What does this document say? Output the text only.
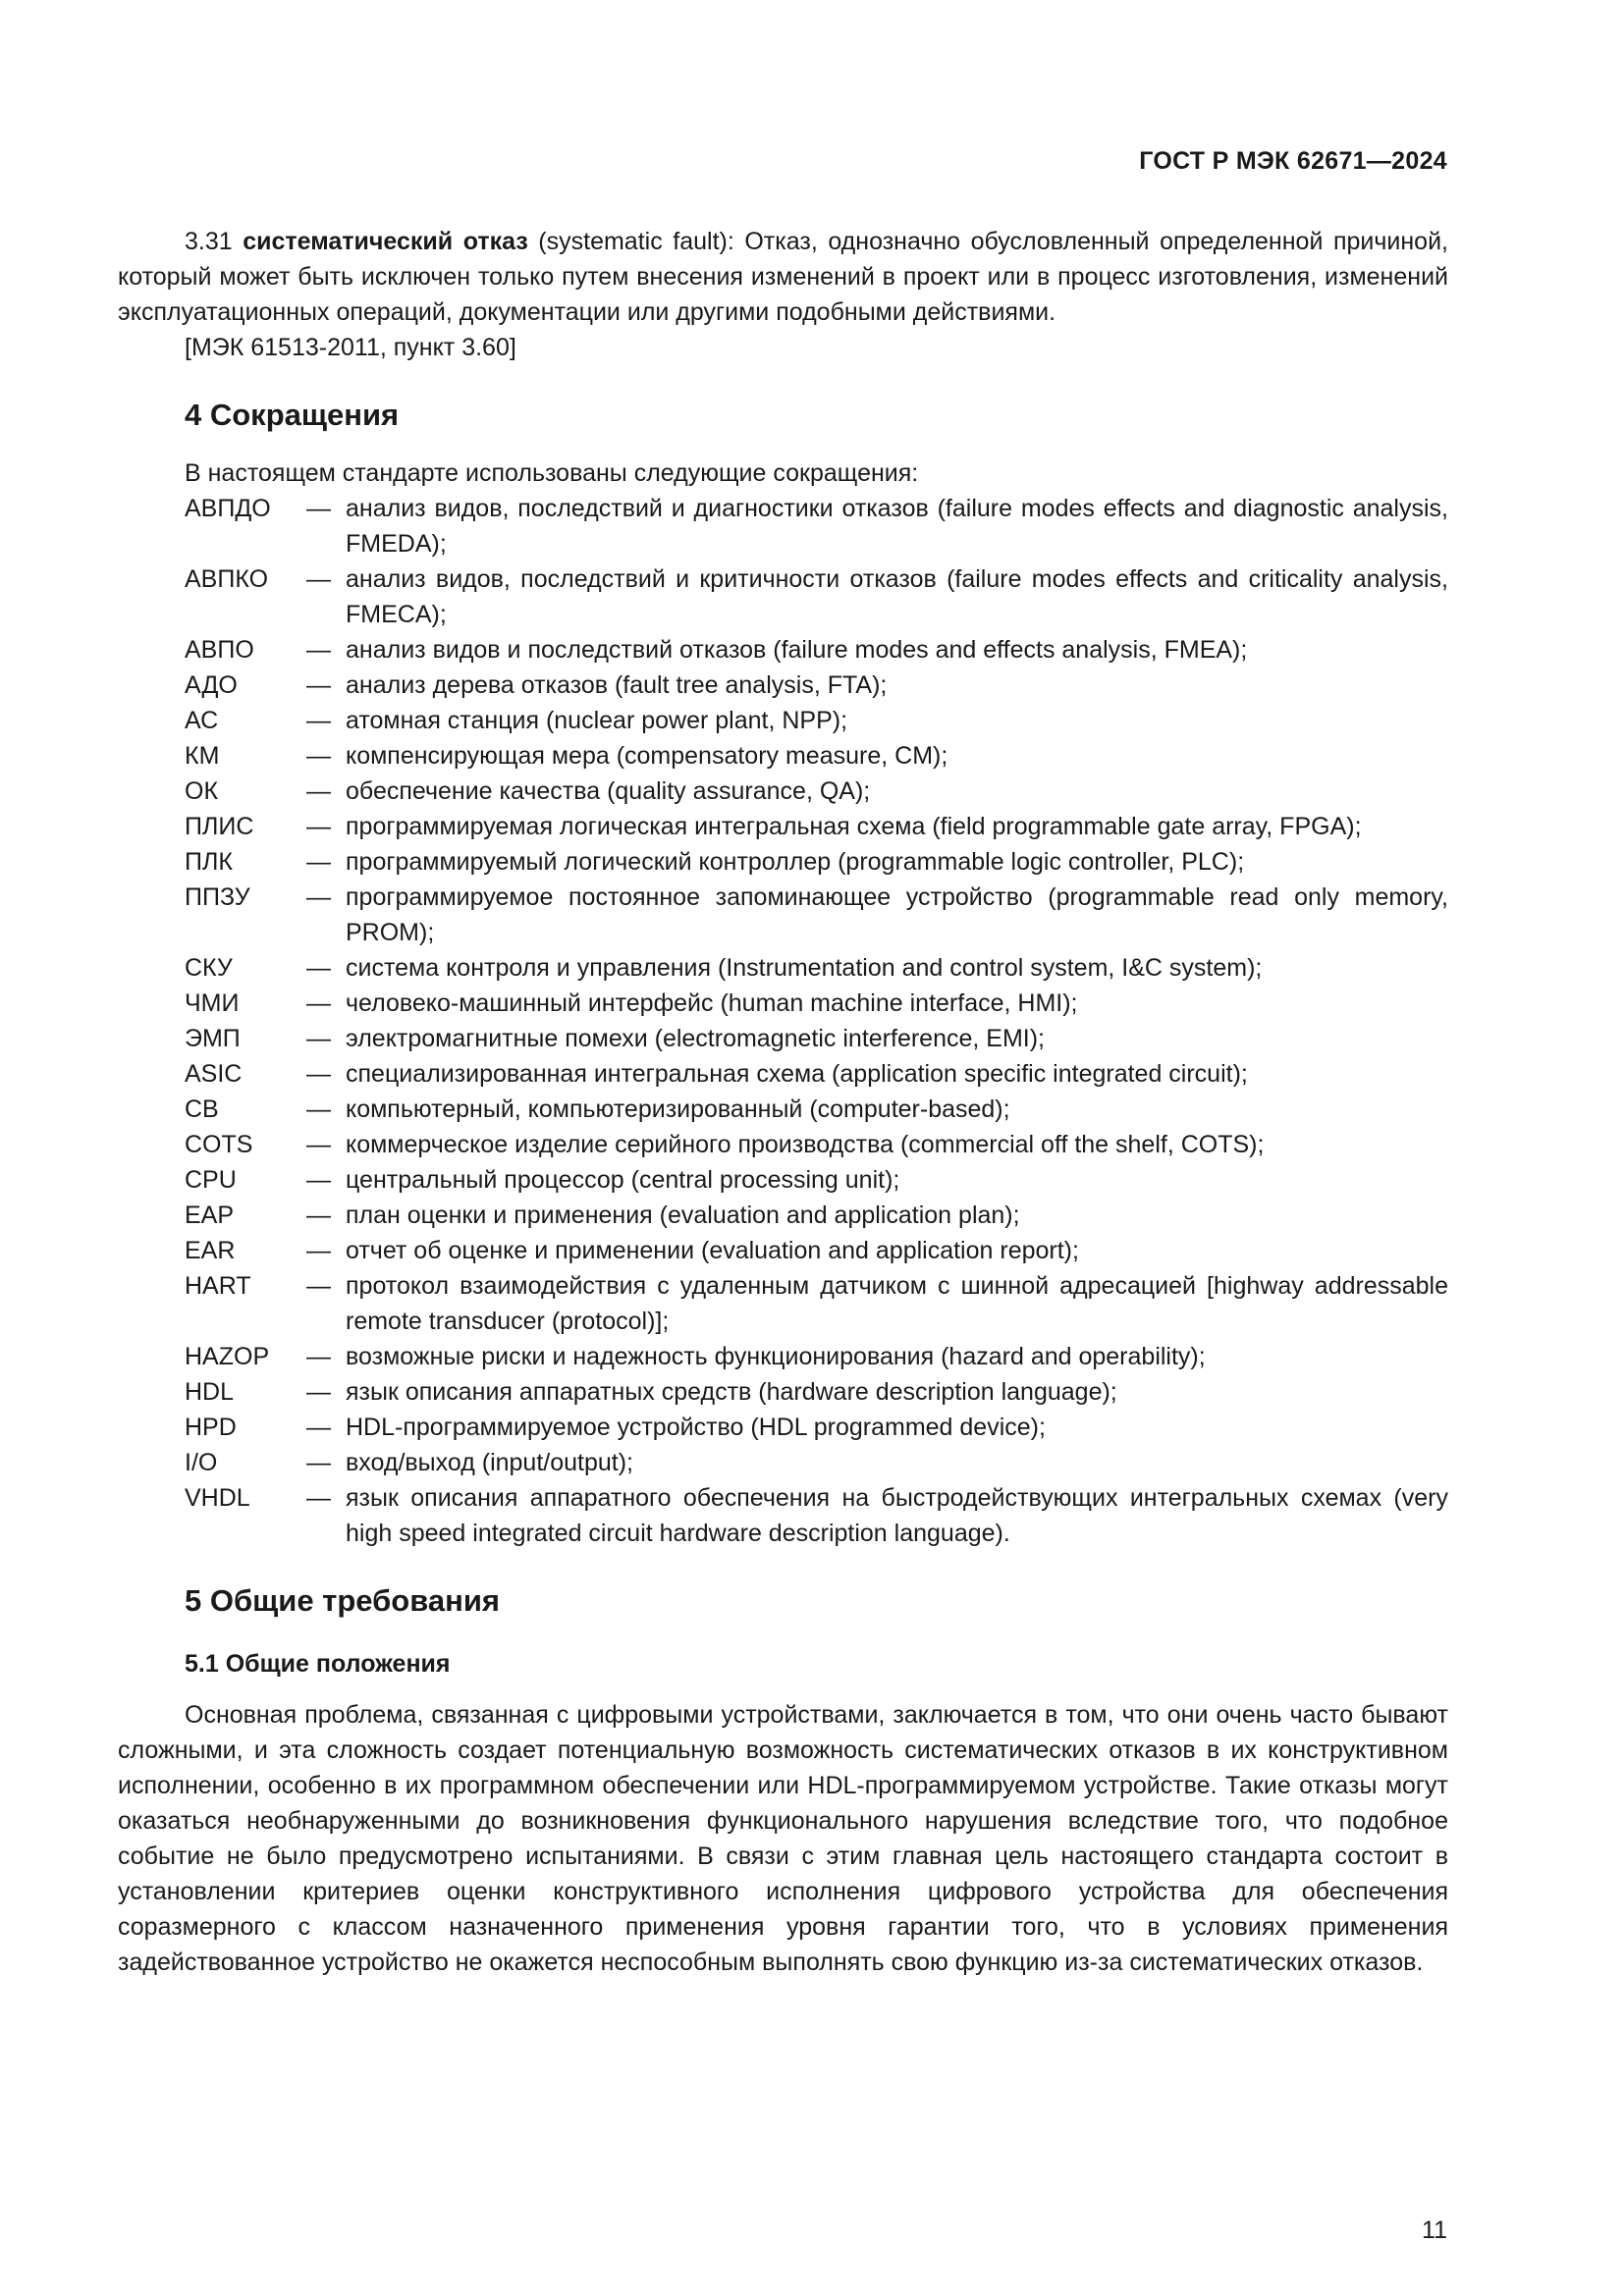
ГОСТ Р МЭК 62671—2024

3.31 систематический отказ (systematic fault): Отказ, однозначно обусловленный определенной причиной, который может быть исключен только путем внесения изменений в проект или в процесс изготовления, изменений эксплуатационных операций, документации или другими подобными действиями.

[МЭК 61513-2011, пункт 3.60]

4 Сокращения

В настоящем стандарте использованы следующие сокращения:

АВПДО	— анализ видов, последствий и диагностики отказов (failure modes effects and diagnostic analysis, FMEDA);
АВПКО	— анализ видов, последствий и критичности отказов (failure modes effects and criticality analysis, FMECA);
АВПО	— анализ видов и последствий отказов (failure modes and effects analysis, FMEA);
АДО	— анализ дерева отказов (fault tree analysis, FTA);
АС	— атомная станция (nuclear power plant, NPP);
КМ	— компенсирующая мера (compensatory measure, CM);
ОК	— обеспечение качества (quality assurance, QA);
ПЛИС	— программируемая логическая интегральная схема (field programmable gate array, FPGA);
ПЛК	— программируемый логический контроллер (programmable logic controller, PLC);
ППЗУ	— программируемое постоянное запоминающее устройство (programmable read only memory, PROM);
СКУ	— система контроля и управления (Instrumentation and control system, I&C system);
ЧМИ	— человеко-машинный интерфейс (human machine interface, HMI);
ЭМП	— электромагнитные помехи (electromagnetic interference, EMI);
ASIC	— специализированная интегральная схема (application specific integrated circuit);
CB	— компьютерный, компьютеризированный (computer-based);
COTS	— коммерческое изделие серийного производства (commercial off the shelf, COTS);
CPU	— центральный процессор (central processing unit);
EAP	— план оценки и применения (evaluation and application plan);
EAR	— отчет об оценке и применении (evaluation and application report);
HART	— протокол взаимодействия с удаленным датчиком с шинной адресацией [highway addressable remote transducer (protocol)];
HAZOP	— возможные риски и надежность функционирования (hazard and operability);
HDL	— язык описания аппаратных средств (hardware description language);
HPD	— HDL-программируемое устройство (HDL programmed device);
I/O	— вход/выход (input/output);
VHDL	— язык описания аппаратного обеспечения на быстродействующих интегральных схемах (very high speed integrated circuit hardware description language).
5 Общие требования
5.1 Общие положения

Основная проблема, связанная с цифровыми устройствами, заключается в том, что они очень часто бывают сложными, и эта сложность создает потенциальную возможность систематических отказов в их конструктивном исполнении, особенно в их программном обеспечении или HDL-программируемом устройстве. Такие отказы могут оказаться необнаруженными до возникновения функционального нарушения вследствие того, что подобное событие не было предусмотрено испытаниями. В связи с этим главная цель настоящего стандарта состоит в установлении критериев оценки конструктивного исполнения цифрового устройства для обеспечения соразмерного с классом назначенного применения уровня гарантии того, что в условиях применения задействованное устройство не окажется неспособным выполнять свою функцию из-за систематических отказов.

11
